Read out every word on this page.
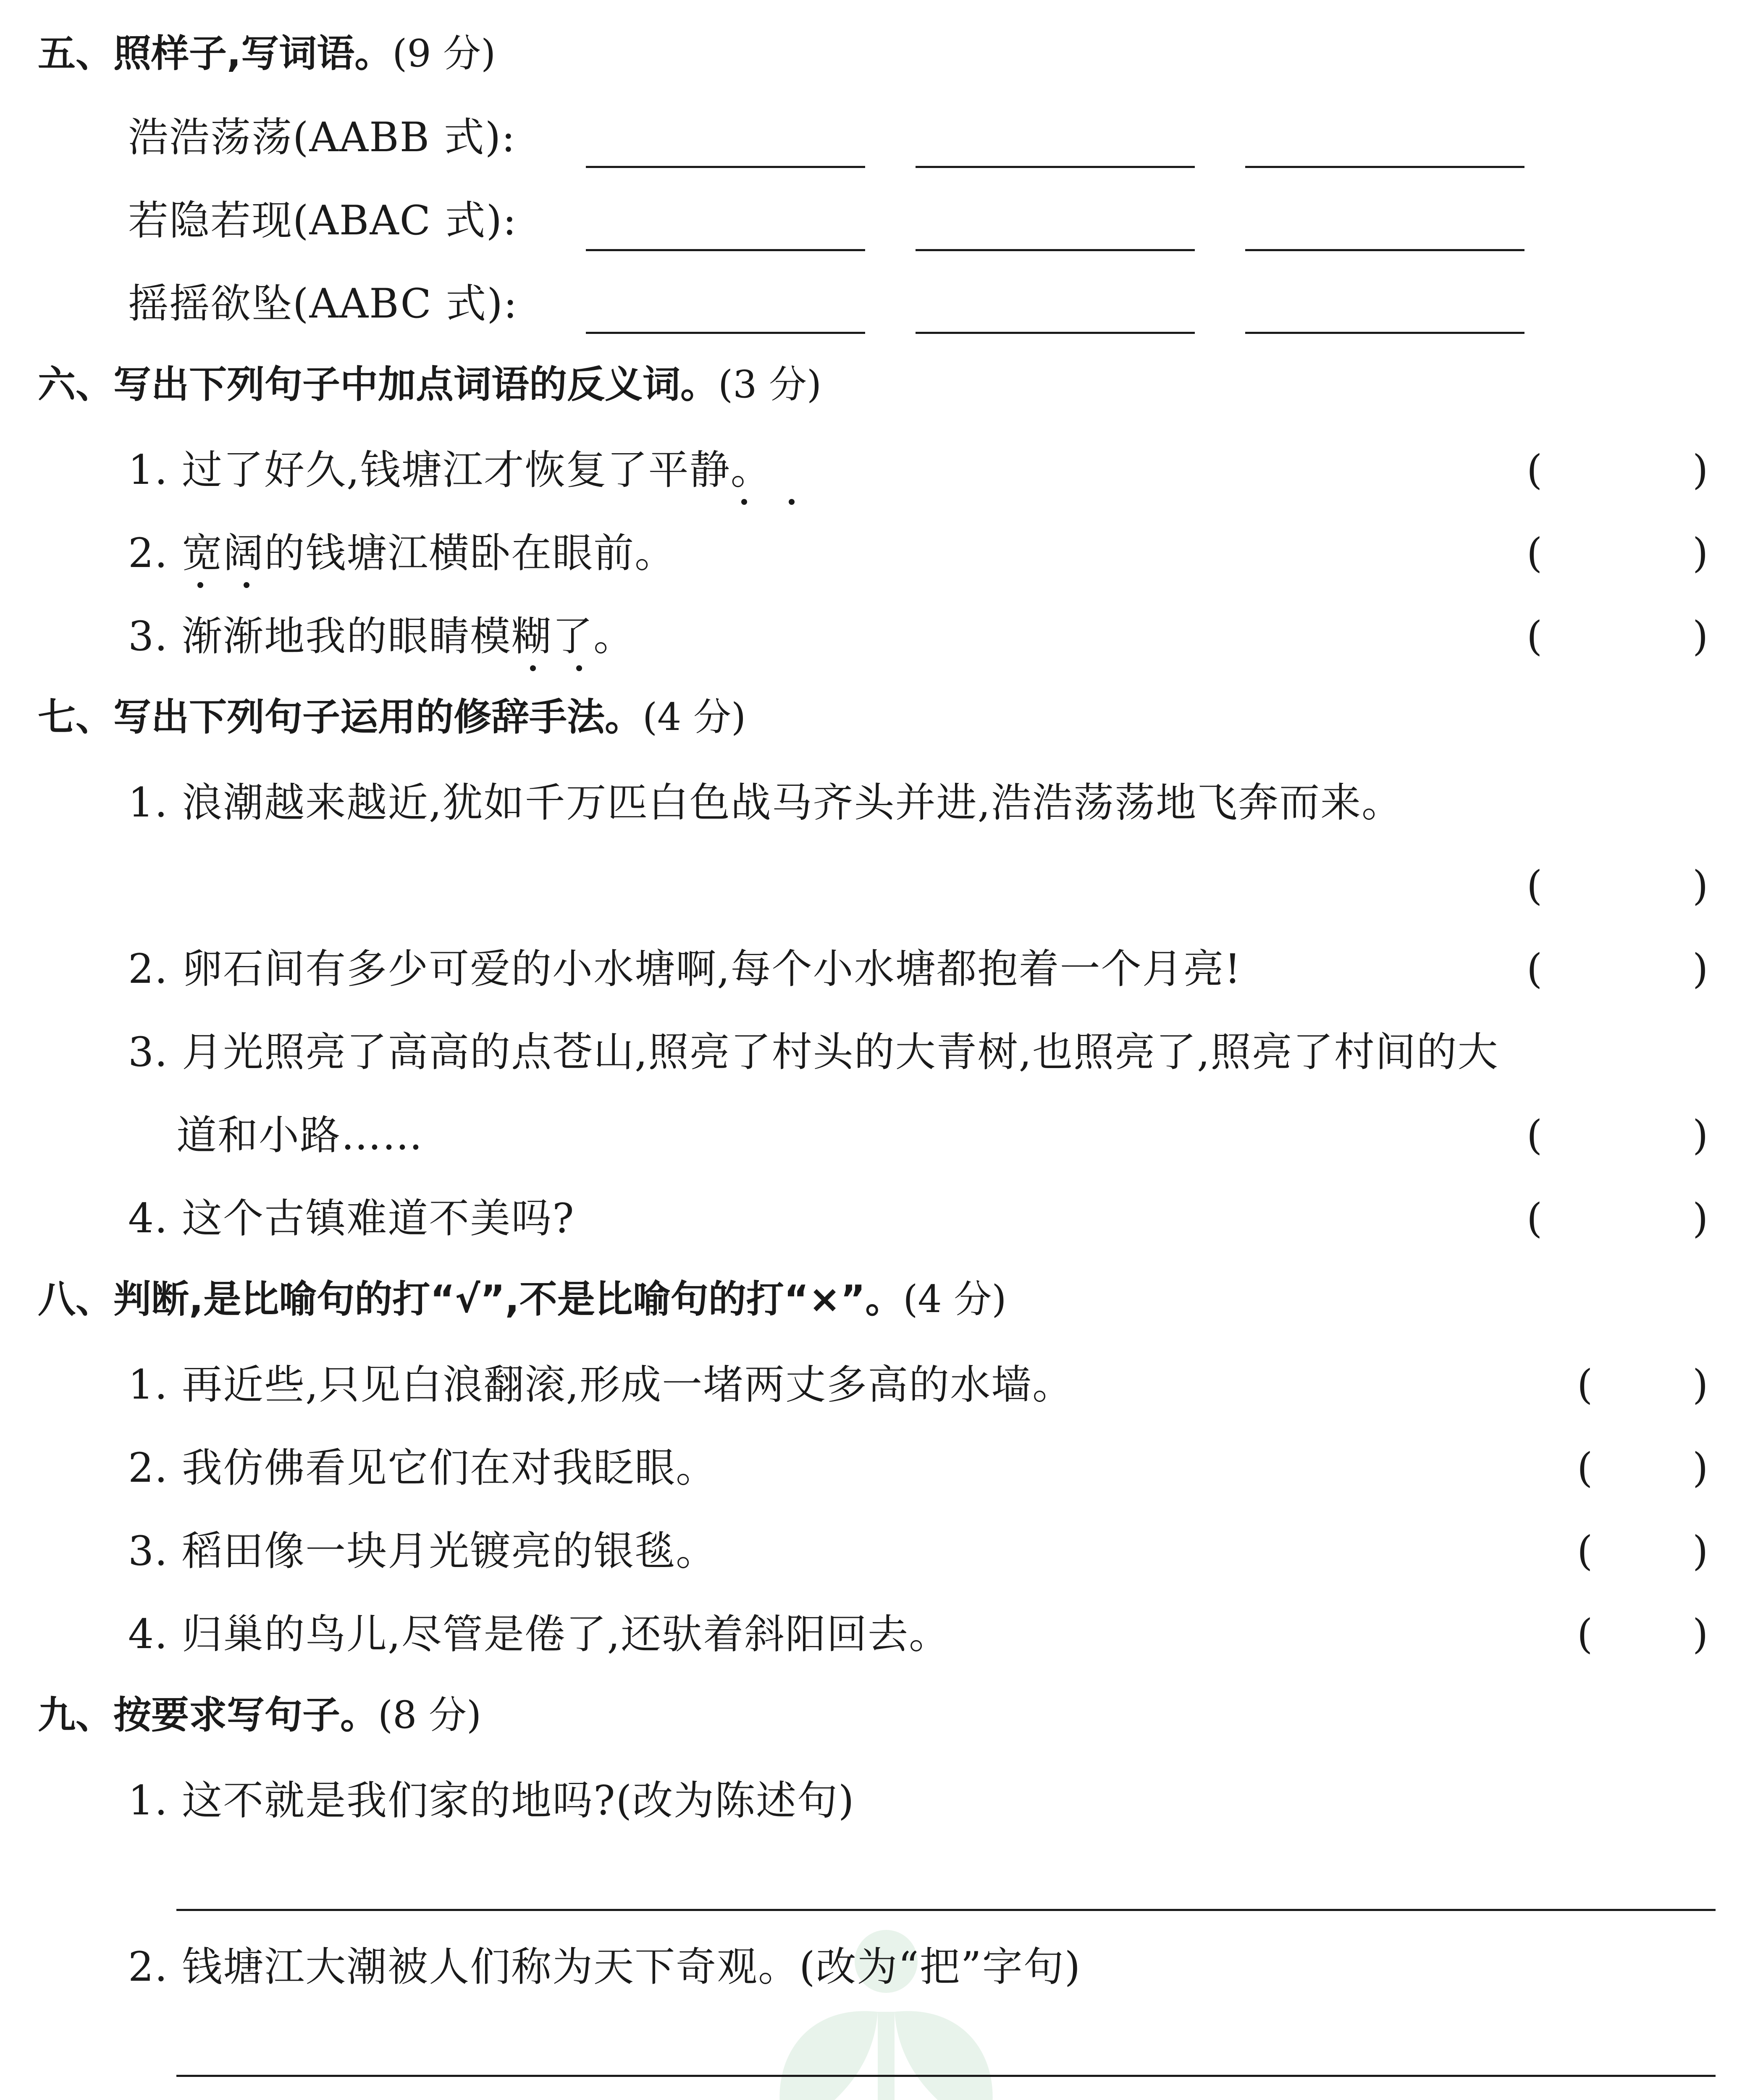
五、照样子,写词语。(9 分)
浩浩荡荡(AABB 式):
若隐若现(ABAC 式):
摇摇欲坠(AABC 式):
六、写出下列句子中加点词语的反义词。(3 分)
1. 过了好久,钱塘江才恢复了平静。	(	)
2. 宽阔的钱塘江横卧在眼前。	(	)
3. 渐渐地我的眼睛模糊了。	(	)
七、写出下列句子运用的修辞手法。(4 分)
1. 浪潮越来越近,犹如千万匹白色战马齐头并进,浩浩荡荡地飞奔而来。
(	)
2. 卵石间有多少可爱的小水塘啊,每个小水塘都抱着一个月亮!	(	)
3. 月光照亮了高高的点苍山,照亮了村头的大青树,也照亮了,照亮了村间的大
道和小路……	(	)
4. 这个古镇难道不美吗?	(	)
八、判断,是比喻句的打“√”,不是比喻句的打“×”。(4 分)
1. 再近些,只见白浪翻滚,形成一堵两丈多高的水墙。	( )
2. 我仿佛看见它们在对我眨眼。	( )
3. 稻田像一块月光镀亮的银毯。	( )
4. 归巢的鸟儿,尽管是倦了,还驮着斜阳回去。	( )
九、按要求写句子。(8 分)
1. 这不就是我们家的地吗?(改为陈述句)
2. 钱塘江大潮被人们称为天下奇观。(改为“把”字句)
